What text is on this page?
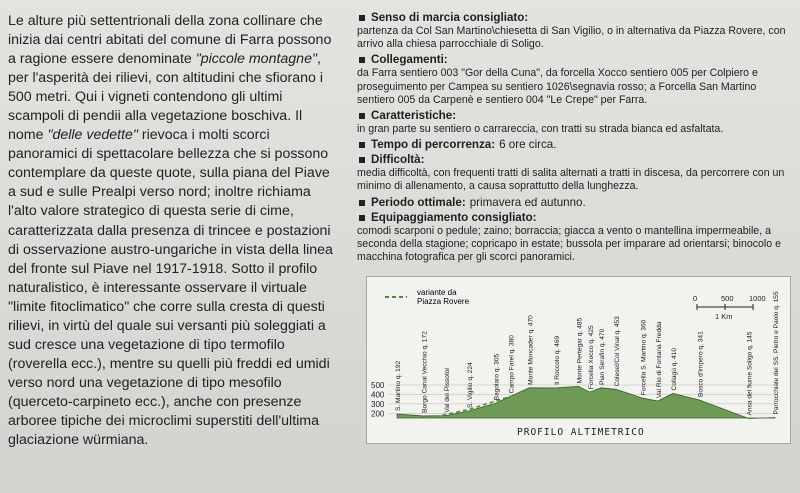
Le alture più settentrionali della zona collinare che inizia dai centri abitati del comune di Farra possono a ragione essere denominate "piccole montagne", per l'asperità dei rilievi, con altitudini che sfiorano i 500 metri. Qui i vigneti contendono gli ultimi scampoli di pendii alla vegetazione boschiva. Il nome "delle vedette" rievoca i molti scorci panoramici di spettacolare bellezza che si possono contemplare da queste quote, sulla piana del Piave a sud e sulle Prealpi verso nord; inoltre richiama l'alto valore strategico di questa serie di cime, caratterizzata dalla presenza di trincee e postazioni di osservazione austro-ungariche in vista della linea del fronte sul Piave nel 1917-1918. Sotto il profilo naturalistico, è interessante osservare il virtuale "limite fitoclimatico" che corre sulla cresta di questi rilievi, in virtù del quale sui versanti più soleggiati a sud cresce una vegetazione di tipo termofilo (roverella ecc.), mentre su quelli più freddi ed umidi verso nord una vegetazione di tipo mesofilo (querceto-carpineto ecc.), anche con presenze arboree tipiche dei microclimi superstiti dell'ultima glaciazione würmiana.

Senso di marcia consigliato:
partenza da Col San Martino\chiesetta di San Vigilio, o in alternativa da Piazza Rovere, con arrivo alla chiesa parrocchiale di Soligo.
Collegamenti:
da Farra sentiero 003 "Gor della Cuna", da forcella Xocco sentiero 005 per Colpiero e proseguimento per Campea su sentiero 1026\segnavia rosso; a Forcella San Martino sentiero 005 da Carpenè e sentiero 004 "Le Crepe" per Farra.
Caratteristiche:
in gran parte su sentiero o carrareccia, con tratti su strada bianca ed asfaltata.
Tempo di percorrenza: 6 ore circa.
Difficoltà:
media difficoltà, con frequenti tratti di salita alternati a tratti in discesa, da percorrere con un minimo di allenamento, a causa soprattutto della lunghezza.
Periodo ottimale: primavera ed autunno.
Equipaggiamento consigliato:
comodi scarponi o pedule; zaino; borraccia; giacca a vento o mantellina impermeabile, a seconda della stagione; copricapo in estate; bussola per imparare ad orientarsi; binocolo e macchina fotografica per gli scorci panoramici.
500
400
300
200
S. Martino q. 192	Borgo Canal Vecchio q. 172 Val dei Pissotoi S. Vigilio q. 224	Bagolaro q. 305 Campo Farel q. 380 Monte Moncader q. 470	Il Roccolo q. 469 Monte Pertegar q. 485 Forcella Xocco q. 425 Pian Serafin q. 470 Colesel/Col Vinal q. 453	Forcella S. Martino q. 360 Val Rio di Fontana Fredda Collagù q. 410	Bosco d'Impero q. 341	Ansa del fiume Soligo q. 145	Parrocchiale dei SS. Pietro e Paolo q. 155
variante da Piazza Rovere	0	500 1000
1 Km
PROFILO ALTIMETRICO
